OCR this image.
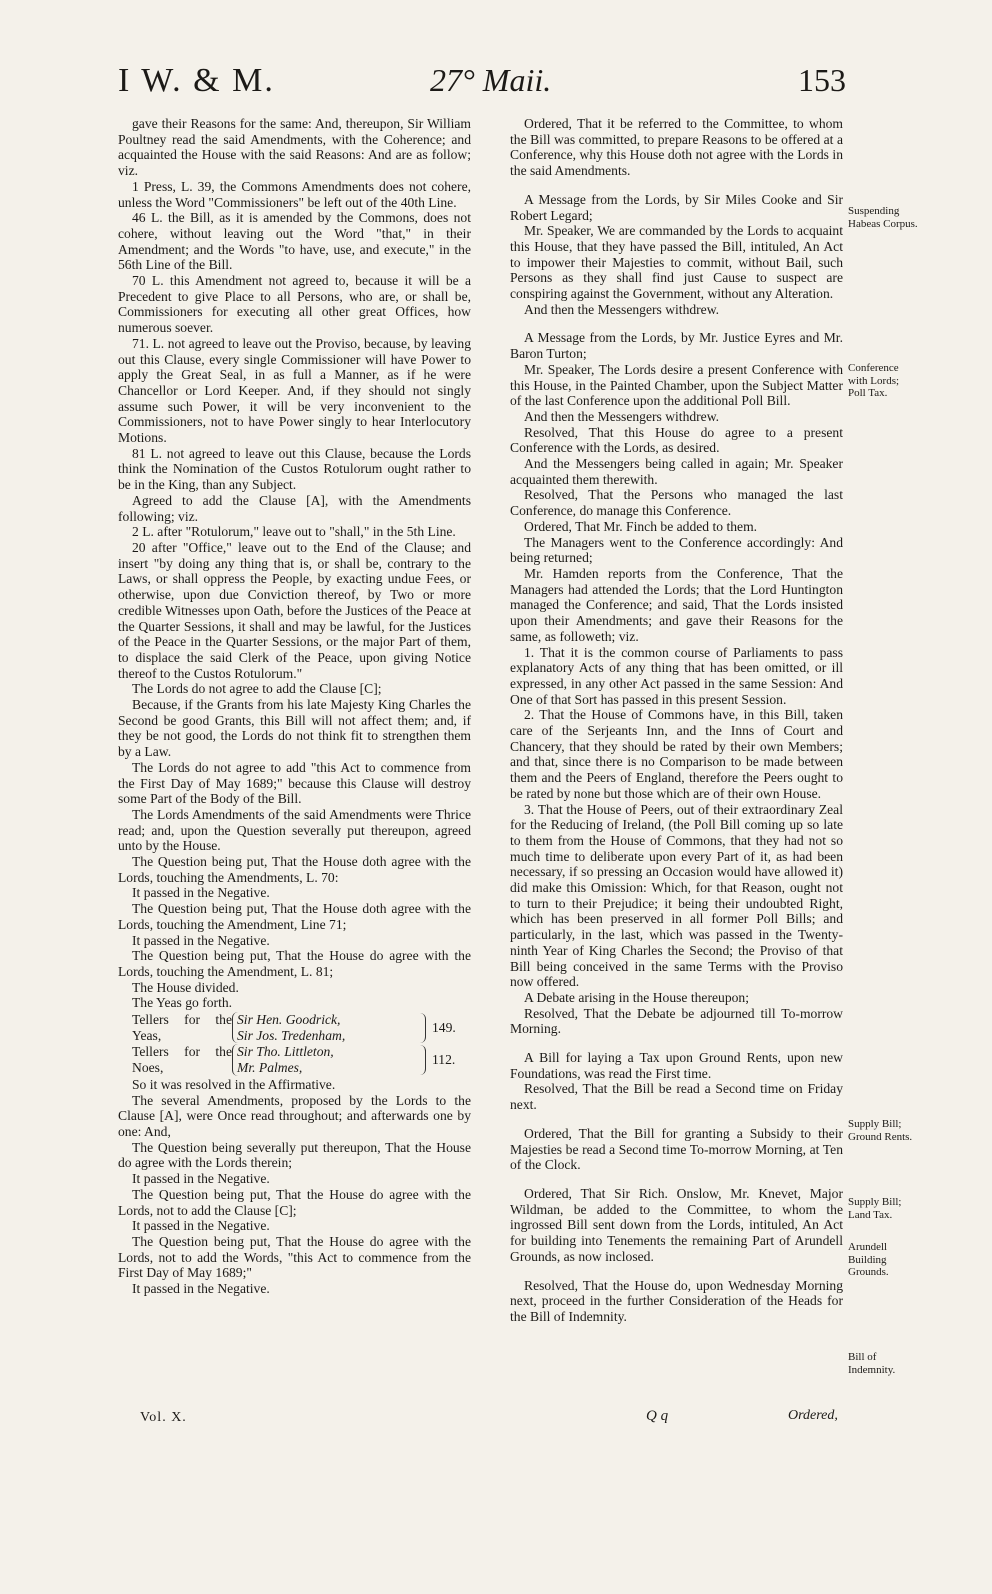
I W. & M.	27° Maii.	153

gave their Reasons for the same: And, thereupon, Sir William Poultney read the said Amendments, with the Coherence; and acquainted the House with the said Reasons: And are as follow; viz.

1 Press, L. 39, the Commons Amendments does not cohere, unless the Word "Commissioners" be left out of the 40th Line.

46 L. the Bill, as it is amended by the Commons, does not cohere, without leaving out the Word "that," in their Amendment; and the Words "to have, use, and execute," in the 56th Line of the Bill.

70 L. this Amendment not agreed to, because it will be a Precedent to give Place to all Persons, who are, or shall be, Commissioners for executing all other great Offices, how numerous soever.

71. L. not agreed to leave out the Proviso, because, by leaving out this Clause, every single Commissioner will have Power to apply the Great Seal, in as full a Manner, as if he were Chancellor or Lord Keeper. And, if they should not singly assume such Power, it will be very inconvenient to the Commissioners, not to have Power singly to hear Interlocutory Motions.

81 L. not agreed to leave out this Clause, because the Lords think the Nomination of the Custos Rotulorum ought rather to be in the King, than any Subject.

Agreed to add the Clause [A], with the Amendments following; viz.

2 L. after "Rotulorum," leave out to "shall," in the 5th Line.

20 after "Office," leave out to the End of the Clause; and insert "by doing any thing that is, or shall be, contrary to the Laws, or shall oppress the People, by exacting undue Fees, or otherwise, upon due Conviction thereof, by Two or more credible Witnesses upon Oath, before the Justices of the Peace at the Quarter Sessions, it shall and may be lawful, for the Justices of the Peace in the Quarter Sessions, or the major Part of them, to displace the said Clerk of the Peace, upon giving Notice thereof to the Custos Rotulorum."

The Lords do not agree to add the Clause [C];

Because, if the Grants from his late Majesty King Charles the Second be good Grants, this Bill will not affect them; and, if they be not good, the Lords do not think fit to strengthen them by a Law.

The Lords do not agree to add "this Act to commence from the First Day of May 1689;" because this Clause will destroy some Part of the Body of the Bill.

The Lords Amendments of the said Amendments were Thrice read; and, upon the Question severally put thereupon, agreed unto by the House.

The Question being put, That the House doth agree with the Lords, touching the Amendments, L. 70:

It passed in the Negative.

The Question being put, That the House doth agree with the Lords, touching the Amendment, Line 71;

It passed in the Negative.

The Question being put, That the House do agree with the Lords, touching the Amendment, L. 81;

The House divided.

The Yeas go forth.

Tellers for the Yeas,
Sir Hen. Goodrick,
Sir Jos. Tredenham,
149.
Tellers for the Noes,
Sir Tho. Littleton,
Mr. Palmes,
112.

So it was resolved in the Affirmative.

The several Amendments, proposed by the Lords to the Clause [A], were Once read throughout; and afterwards one by one: And,

The Question being severally put thereupon, That the House do agree with the Lords therein;

It passed in the Negative.

The Question being put, That the House do agree with the Lords, not to add the Clause [C];

It passed in the Negative.

The Question being put, That the House do agree with the Lords, not to add the Words, "this Act to commence from the First Day of May 1689;"

It passed in the Negative.

Ordered, That it be referred to the Committee, to whom the Bill was committed, to prepare Reasons to be offered at a Conference, why this House doth not agree with the Lords in the said Amendments.

A Message from the Lords, by Sir Miles Cooke and Sir Robert Legard;

Mr. Speaker, We are commanded by the Lords to acquaint this House, that they have passed the Bill, intituled, An Act to impower their Majesties to commit, without Bail, such Persons as they shall find just Cause to suspect are conspiring against the Government, without any Alteration.

And then the Messengers withdrew.

A Message from the Lords, by Mr. Justice Eyres and Mr. Baron Turton;

Mr. Speaker, The Lords desire a present Conference with this House, in the Painted Chamber, upon the Subject Matter of the last Conference upon the additional Poll Bill.

And then the Messengers withdrew.

Resolved, That this House do agree to a present Conference with the Lords, as desired.

And the Messengers being called in again; Mr. Speaker acquainted them therewith.

Resolved, That the Persons who managed the last Conference, do manage this Conference.

Ordered, That Mr. Finch be added to them.

The Managers went to the Conference accordingly: And being returned;

Mr. Hamden reports from the Conference, That the Managers had attended the Lords; that the Lord Huntington managed the Conference; and said, That the Lords insisted upon their Amendments; and gave their Reasons for the same, as followeth; viz.

1. That it is the common course of Parliaments to pass explanatory Acts of any thing that has been omitted, or ill expressed, in any other Act passed in the same Session: And One of that Sort has passed in this present Session.

2. That the House of Commons have, in this Bill, taken care of the Serjeants Inn, and the Inns of Court and Chancery, that they should be rated by their own Members; and that, since there is no Comparison to be made between them and the Peers of England, therefore the Peers ought to be rated by none but those which are of their own House.

3. That the House of Peers, out of their extraordinary Zeal for the Reducing of Ireland, (the Poll Bill coming up so late to them from the House of Commons, that they had not so much time to deliberate upon every Part of it, as had been necessary, if so pressing an Occasion would have allowed it) did make this Omission: Which, for that Reason, ought not to turn to their Prejudice; it being their undoubted Right, which has been preserved in all former Poll Bills; and particularly, in the last, which was passed in the Twenty-ninth Year of King Charles the Second; the Proviso of that Bill being conceived in the same Terms with the Proviso now offered.

A Debate arising in the House thereupon;

Resolved, That the Debate be adjourned till To-morrow Morning.

A Bill for laying a Tax upon Ground Rents, upon new Foundations, was read the First time.

Resolved, That the Bill be read a Second time on Friday next.

Ordered, That the Bill for granting a Subsidy to their Majesties be read a Second time To-morrow Morning, at Ten of the Clock.

Ordered, That Sir Rich. Onslow, Mr. Knevet, Major Wildman, be added to the Committee, to whom the ingrossed Bill sent down from the Lords, intituled, An Act for building into Tenements the remaining Part of Arundell Grounds, as now inclosed.

Resolved, That the House do, upon Wednesday Morning next, proceed in the further Consideration of the Heads for the Bill of Indemnity.

Suspending Habeas Corpus.
Conference with Lords; Poll Tax.
Supply Bill; Ground Rents.
Supply Bill; Land Tax.
Arundell Building Grounds.
Bill of Indemnity.
Vol. X.	Q q	Ordered,
